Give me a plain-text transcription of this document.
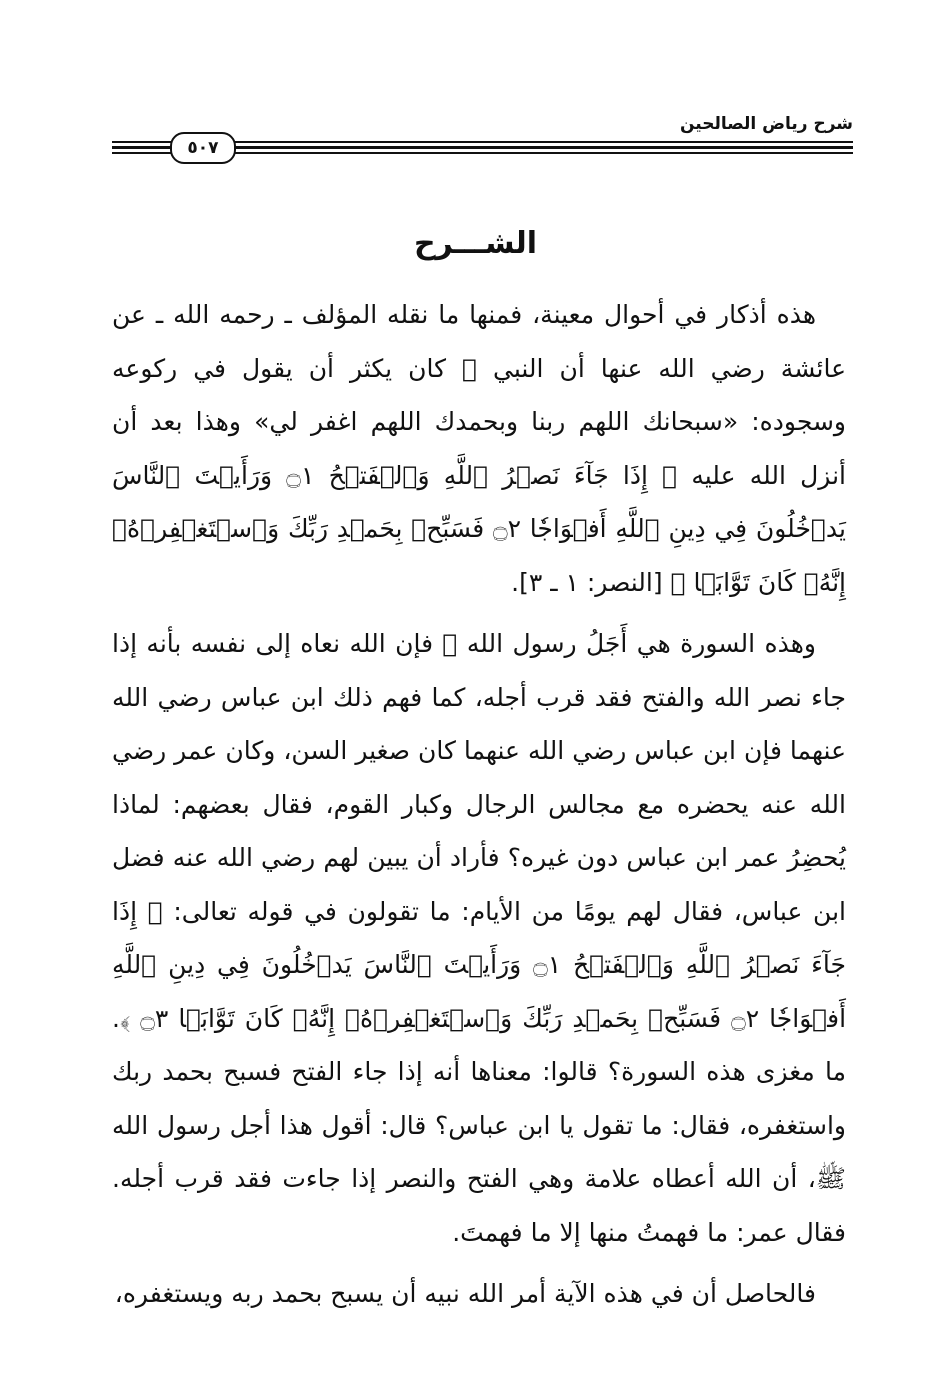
شرح رياض الصالحين
٥٠٧
الشـــرح

هذه أذكار في أحوال معينة، فمنها ما نقله المؤلف ـ رحمه الله ـ عن عائشة رضي الله عنها أن النبي ﷺ كان يكثر أن يقول في ركوعه وسجوده: «سبحانك اللهم ربنا وبحمدك اللهم اغفر لي» وهذا بعد أن أنزل الله عليه ﴿ إِذَا جَآءَ نَصۡرُ ٱللَّهِ وَٱلۡفَتۡحُ ۝١ وَرَأَيۡتَ ٱلنَّاسَ يَدۡخُلُونَ فِي دِينِ ٱللَّهِ أَفۡوَاجٗا ۝٢ فَسَبِّحۡ بِحَمۡدِ رَبِّكَ وَٱسۡتَغۡفِرۡهُۚ إِنَّهُۥ كَانَ تَوَّابَۢا ﴾ [النصر: ١ ـ ٣].

وهذه السورة هي أَجَلُ رسول الله ﷺ فإن الله نعاه إلى نفسه بأنه إذا جاء نصر الله والفتح فقد قرب أجله، كما فهم ذلك ابن عباس رضي الله عنهما فإن ابن عباس رضي الله عنهما كان صغير السن، وكان عمر رضي الله عنه يحضره مع مجالس الرجال وكبار القوم، فقال بعضهم: لماذا يُحضِرُ عمر ابن عباس دون غيره؟ فأراد أن يبين لهم رضي الله عنه فضل ابن عباس، فقال لهم يومًا من الأيام: ما تقولون في قوله تعالى: ﴿ إِذَا جَآءَ نَصۡرُ ٱللَّهِ وَٱلۡفَتۡحُ ۝١ وَرَأَيۡتَ ٱلنَّاسَ يَدۡخُلُونَ فِي دِينِ ٱللَّهِ أَفۡوَاجٗا ۝٢ فَسَبِّحۡ بِحَمۡدِ رَبِّكَ وَٱسۡتَغۡفِرۡهُۚ إِنَّهُۥ كَانَ تَوَّابَۢا ۝٣ ﴾. ما مغزى هذه السورة؟ قالوا: معناها أنه إذا جاء الفتح فسبح بحمد ربك واستغفره، فقال: ما تقول يا ابن عباس؟ قال: أقول هذا أجل رسول الله ﷺ، أن الله أعطاه علامة وهي الفتح والنصر إذا جاءت فقد قرب أجله. فقال عمر: ما فهمتُ منها إلا ما فهمتَ.

فالحاصل أن في هذه الآية أمر الله نبيه أن يسبح بحمد ربه ويستغفره،
